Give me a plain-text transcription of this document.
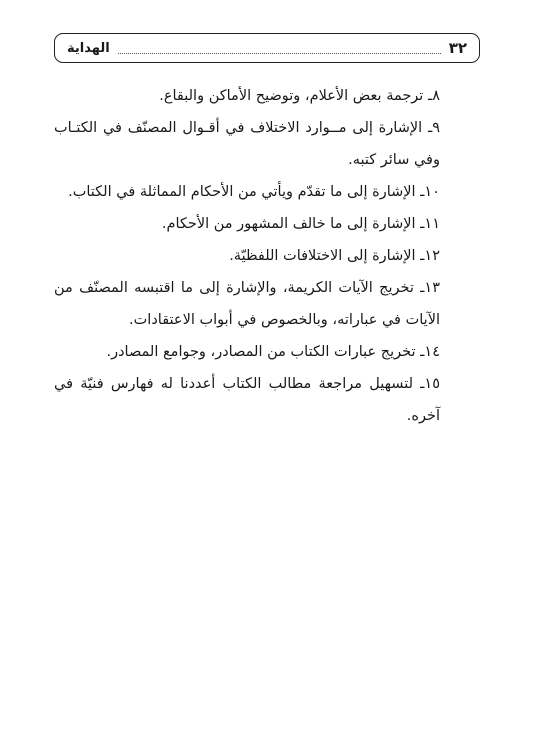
٣٢
الهداية

٨ـ ترجمة بعض الأعلام، وتوضيح الأماكن والبقاع.

٩ـ الإشارة إلى مــوارد الاختلاف في أقـوال المصنّف في الكتـاب وفي سائر كتبه.

١٠ـ الإشارة إلى ما تقدّم ويأتي من الأحكام المماثلة في الكتاب.

١١ـ الإشارة إلى ما خالف المشهور من الأحكام.

١٢ـ الإشارة إلى الاختلافات اللفظيّة.

١٣ـ تخريج الآيات الكريمة، والإشارة إلى ما اقتبسه المصنّف من الآيات في عباراته، وبالخصوص في أبواب الاعتقادات.

١٤ـ تخريج عبارات الكتاب من المصادر، وجوامع المصادر.

١٥ـ لتسهيل مراجعة مطالب الكتاب أعددنا له فهارس فنيّة في آخره.
